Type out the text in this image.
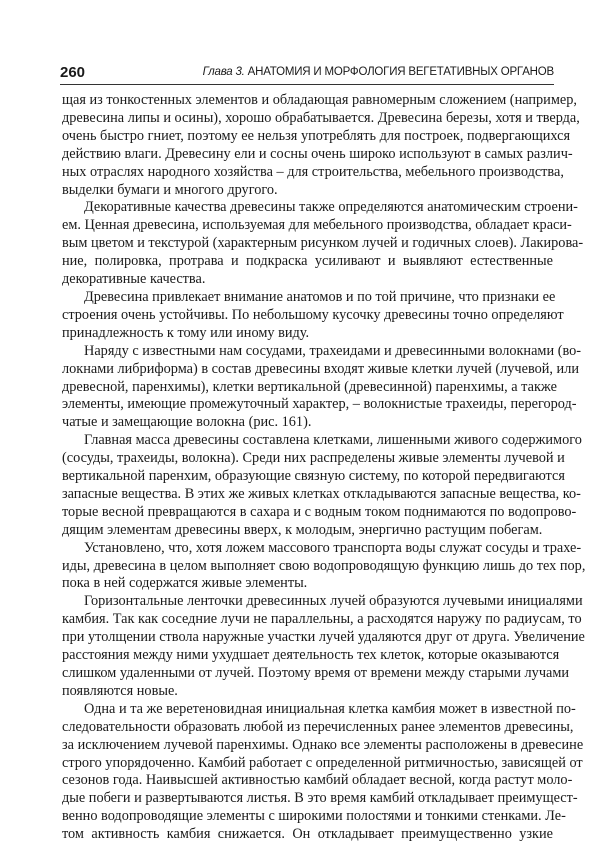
260	Глава 3. АНАТОМИЯ И МОРФОЛОГИЯ ВЕГЕТАТИВНЫХ ОРГАНОВ
щая из тонкостенных элементов и обладающая равномерным сложением (например,
древесина липы и осины), хорошо обрабатывается. Древесина березы, хотя и тверда,
очень быстро гниет, поэтому ее нельзя употреблять для построек, подвергающихся
действию влаги. Древесину ели и сосны очень широко используют в самых различ-
ных отраслях народного хозяйства – для строительства, мебельного производства,
выделки бумаги и многого другого.
Декоративные качества древесины также определяются анатомическим строени-
ем. Ценная древесина, используемая для мебельного производства, обладает краси-
вым цветом и текстурой (характерным рисунком лучей и годичных слоев). Лакирова-
ние, полировка, протрава и подкраска усиливают и выявляют естественные
декоративные качества.
Древесина привлекает внимание анатомов и по той причине, что признаки ее
строения очень устойчивы. По небольшому кусочку древесины точно определяют
принадлежность к тому или иному виду.
Наряду с известными нам сосудами, трахеидами и древесинными волокнами (во-
локнами либриформа) в состав древесины входят живые клетки лучей (лучевой, или
древесной, паренхимы), клетки вертикальной (древесинной) паренхимы, а также
элементы, имеющие промежуточный характер, – волокнистые трахеиды, перегород-
чатые и замещающие волокна (рис. 161).
Главная масса древесины составлена клетками, лишенными живого содержимого
(сосуды, трахеиды, волокна). Среди них распределены живые элементы лучевой и
вертикальной паренхим, образующие связную систему, по которой передвигаются
запасные вещества. В этих же живых клетках откладываются запасные вещества, ко-
торые весной превращаются в сахара и с водным током поднимаются по водопрово-
дящим элементам древесины вверх, к молодым, энергично растущим побегам.
Установлено, что, хотя ложем массового транспорта воды служат сосуды и трахе-
иды, древесина в целом выполняет свою водопроводящую функцию лишь до тех пор,
пока в ней содержатся живые элементы.
Горизонтальные ленточки древесинных лучей образуются лучевыми инициалями
камбия. Так как соседние лучи не параллельны, а расходятся наружу по радиусам, то
при утолщении ствола наружные участки лучей удаляются друг от друга. Увеличение
расстояния между ними ухудшает деятельность тех клеток, которые оказываются
слишком удаленными от лучей. Поэтому время от времени между старыми лучами
появляются новые.
Одна и та же веретеновидная инициальная клетка камбия может в известной по-
следовательности образовать любой из перечисленных ранее элементов древесины,
за исключением лучевой паренхимы. Однако все элементы расположены в древесине
строго упорядоченно. Камбий работает с определенной ритмичностью, зависящей от
сезонов года. Наивысшей активностью камбий обладает весной, когда растут моло-
дые побеги и развертываются листья. В это время камбий откладывает преимущест-
венно водопроводящие элементы с широкими полостями и тонкими стенками. Ле-
том активность камбия снижается. Он откладывает преимущественно узкие
